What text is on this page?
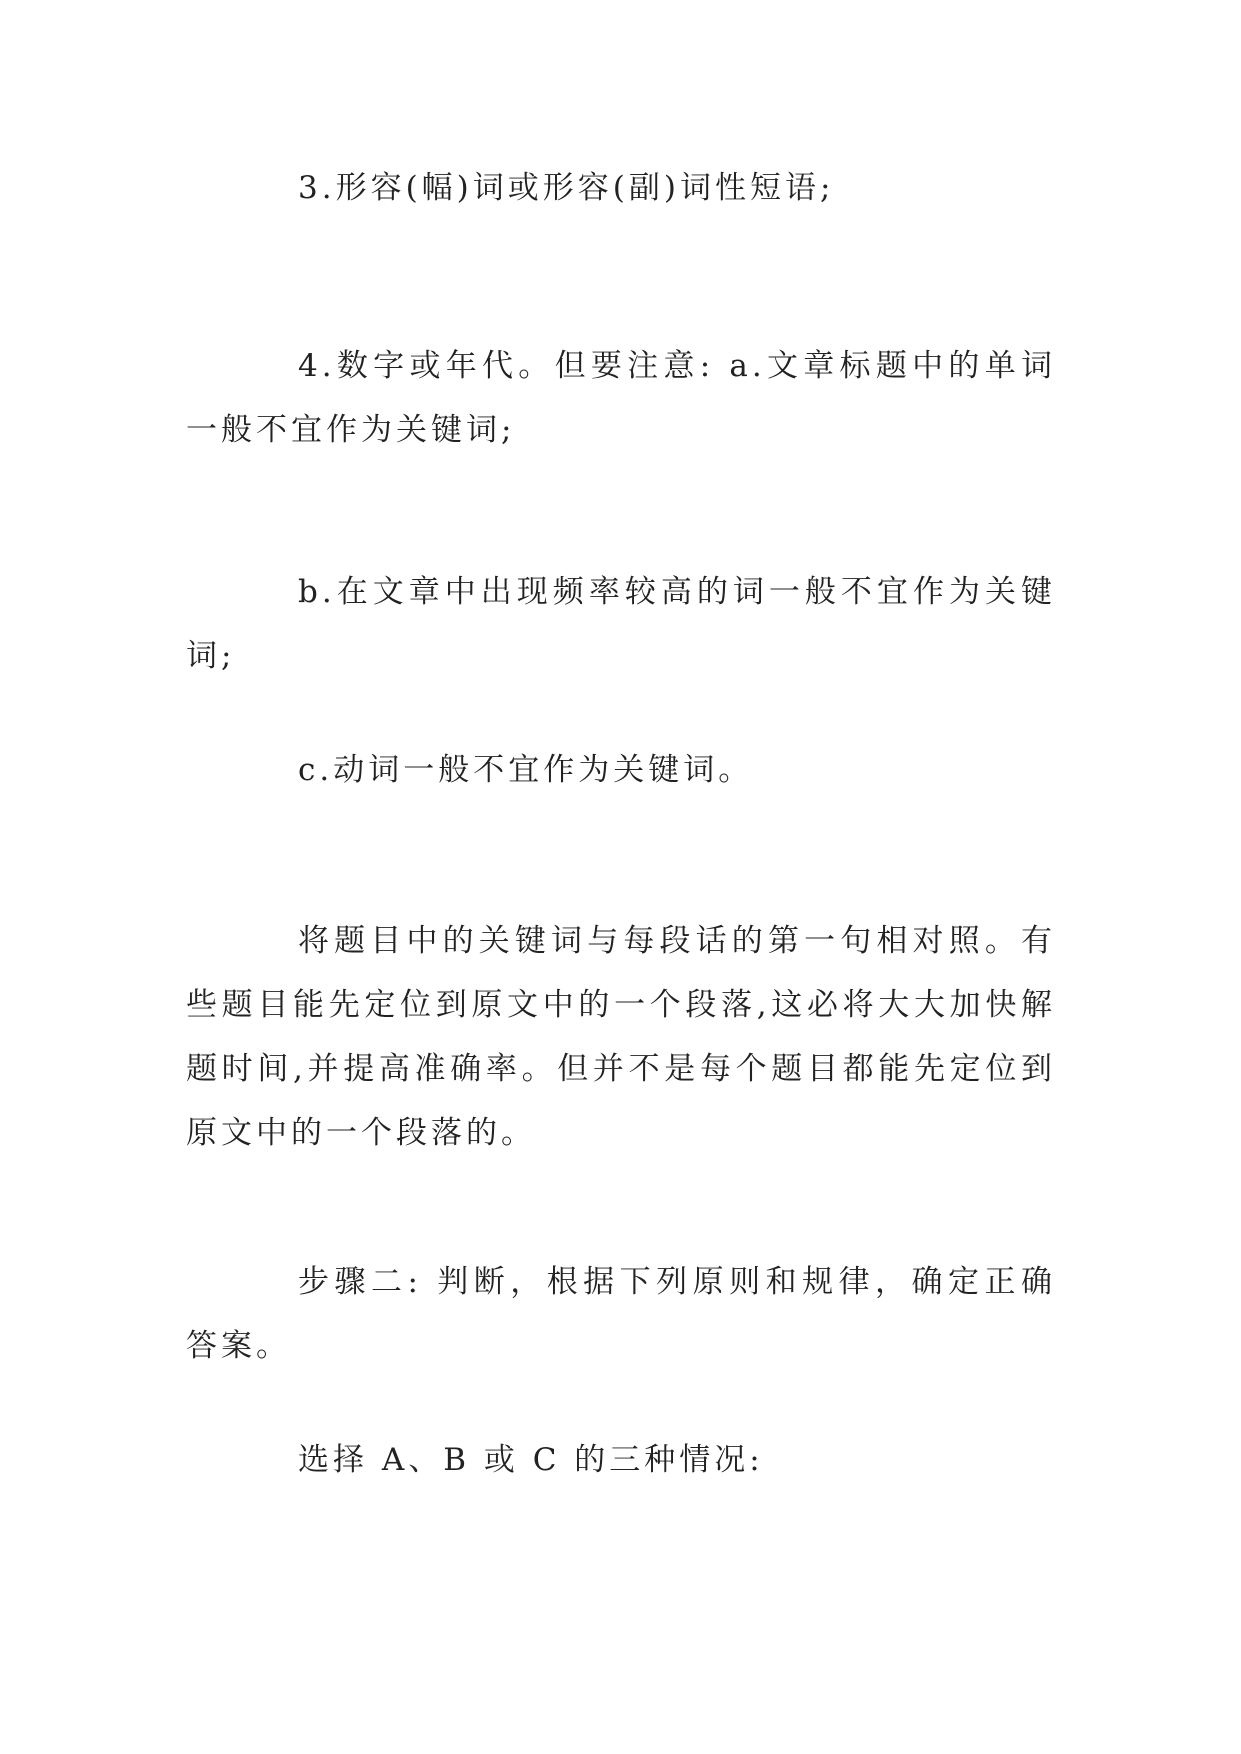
3.形容(幅)词或形容(副)词性短语;

4.数字或年代。但要注意: a.文章标题中的单词一般不宜作为关键词;

b.在文章中出现频率较高的词一般不宜作为关键词;

c.动词一般不宜作为关键词。

将题目中的关键词与每段话的第一句相对照。有些题目能先定位到原文中的一个段落,这必将大大加快解题时间,并提高准确率。但并不是每个题目都能先定位到原文中的一个段落的。

步骤二: 判断，根据下列原则和规律，确定正确答案。

选择 A、B 或 C 的三种情况:
